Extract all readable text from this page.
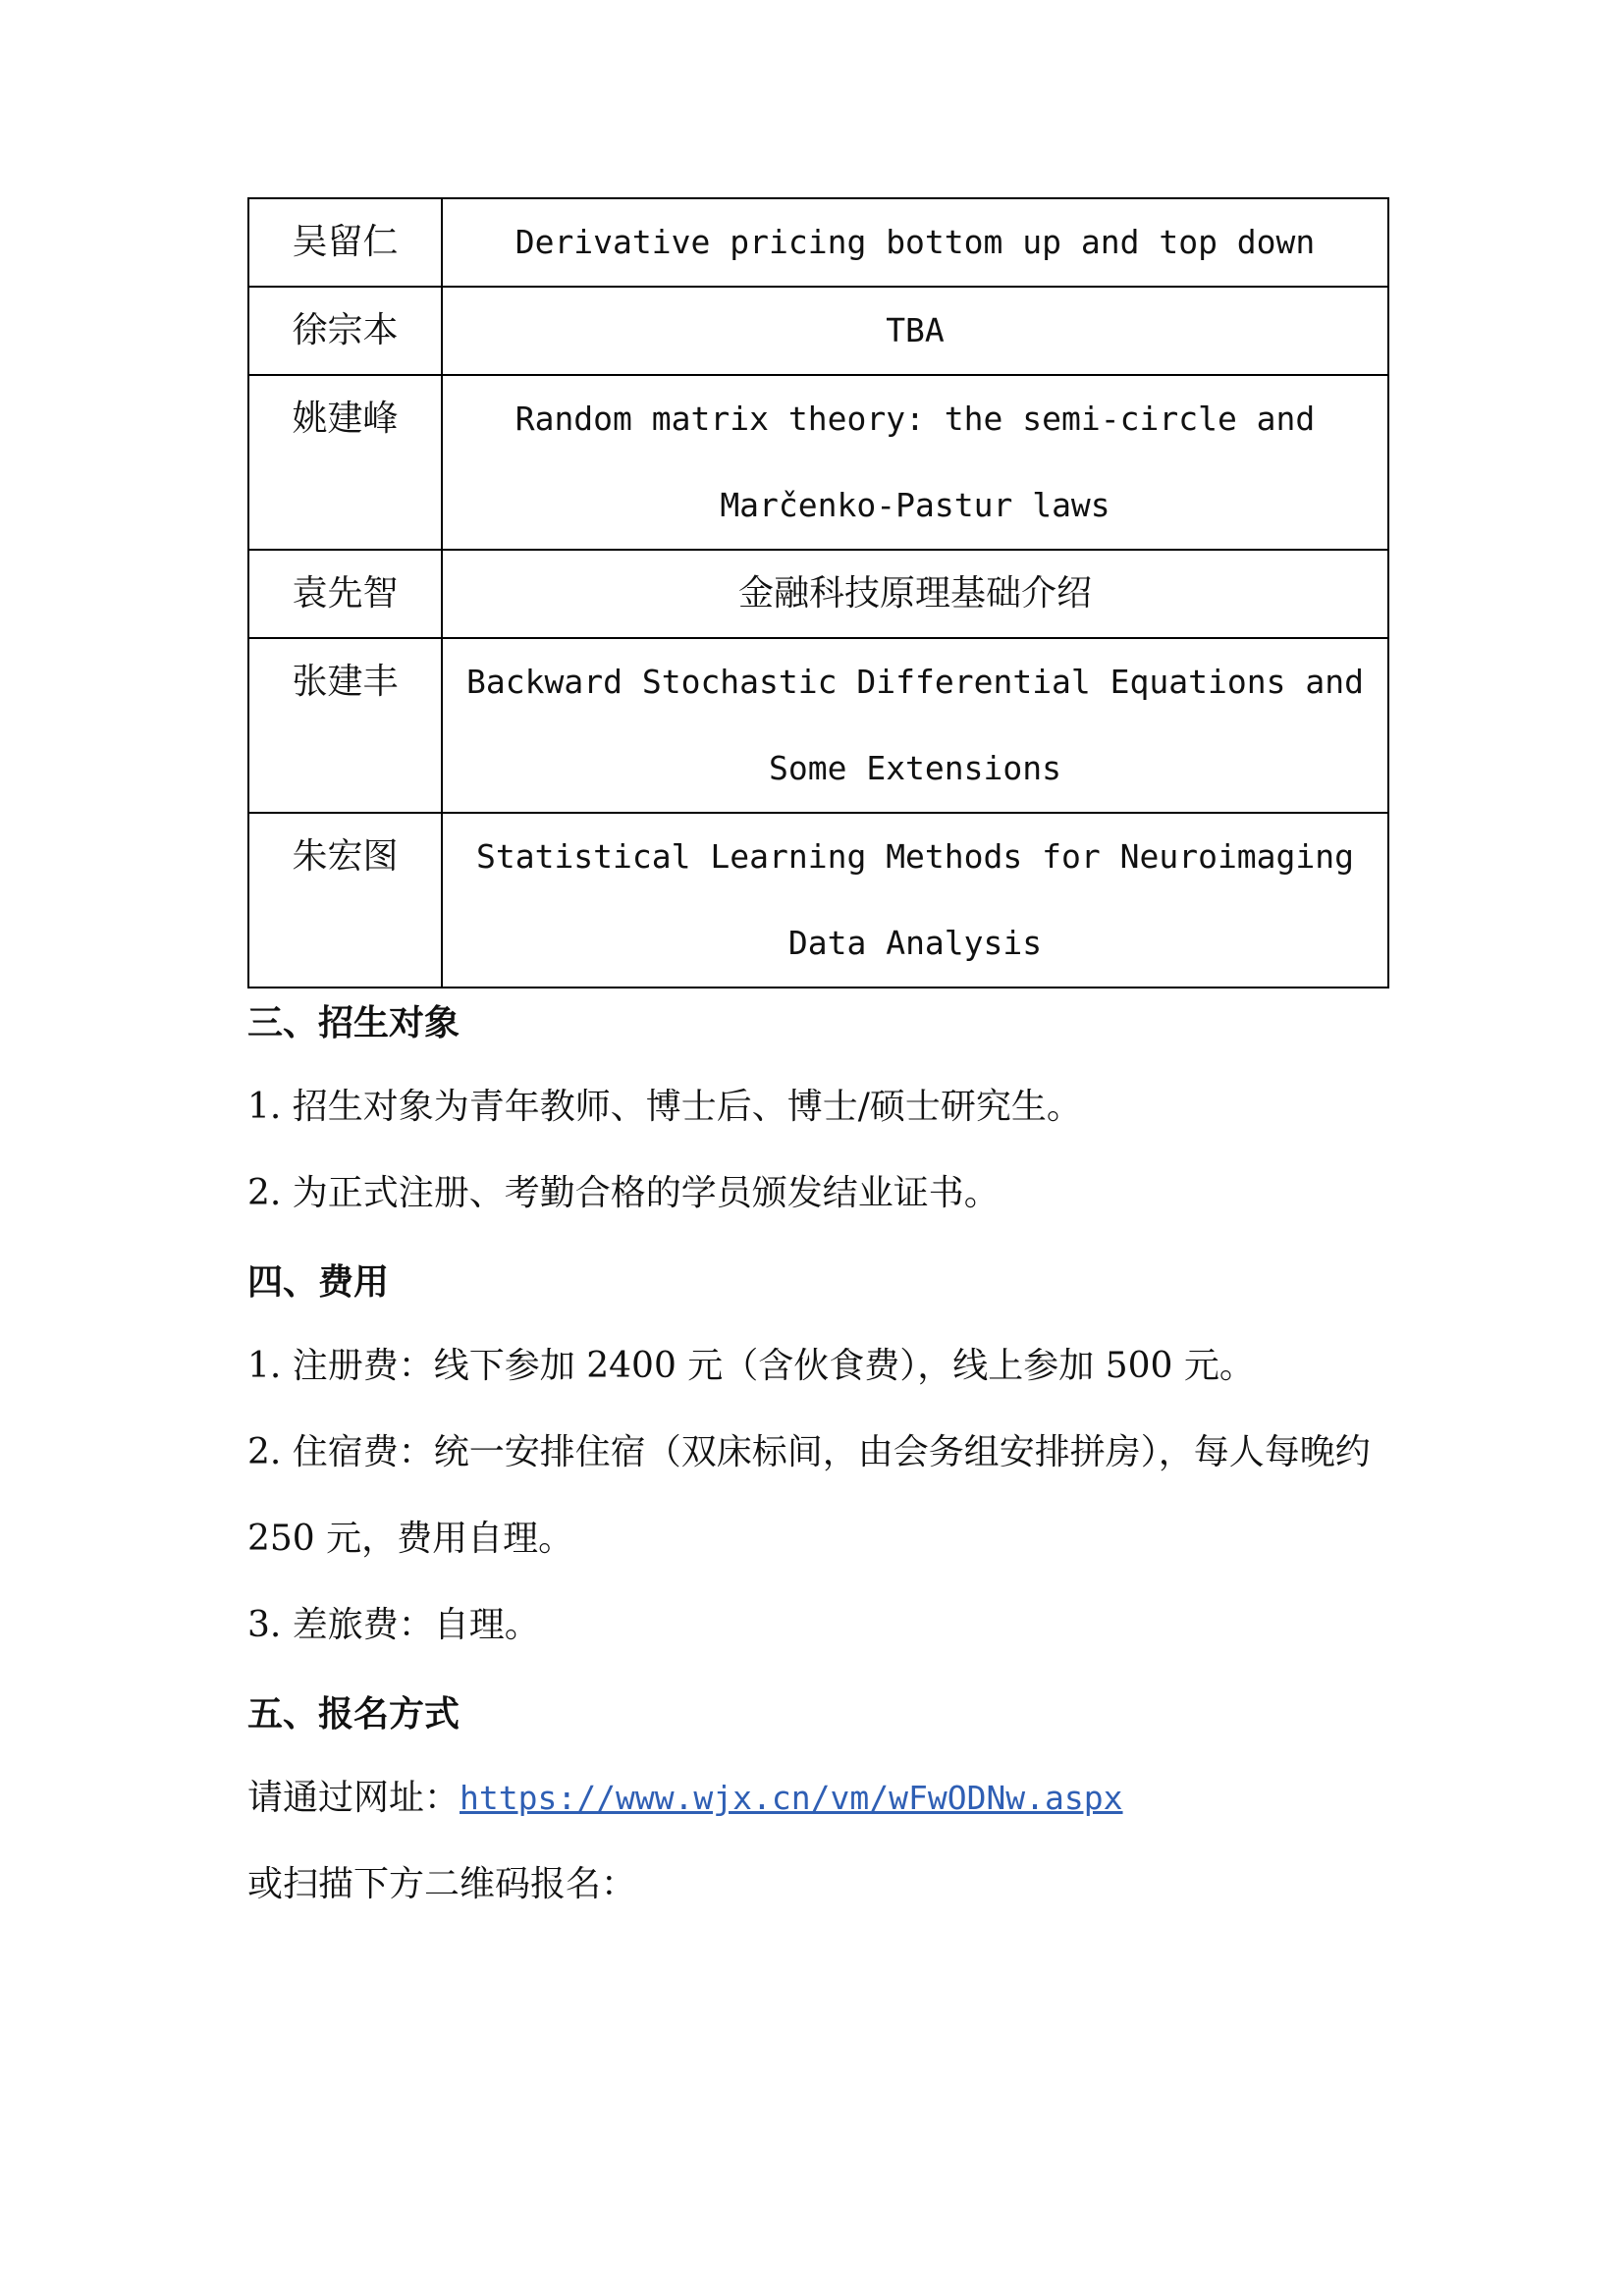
吴留仁	Derivative pricing bottom up and top down
徐宗本	TBA
姚建峰	Random matrix theory: the semi-circle and Marčenko-Pastur laws
袁先智	金融科技原理基础介绍
张建丰	Backward Stochastic Differential Equations and Some Extensions
朱宏图	Statistical Learning Methods for Neuroimaging Data Analysis
三、招生对象

1. 招生对象为青年教师、博士后、博士/硕士研究生。

2. 为正式注册、考勤合格的学员颁发结业证书。

四、费用

1. 注册费：线下参加 2400 元（含伙食费），线上参加 500 元。

2. 住宿费：统一安排住宿（双床标间，由会务组安排拼房），每人每晚约 250 元，费用自理。

3. 差旅费：自理。

五、报名方式

请通过网址：https://www.wjx.cn/vm/wFwODNw.aspx

或扫描下方二维码报名：
